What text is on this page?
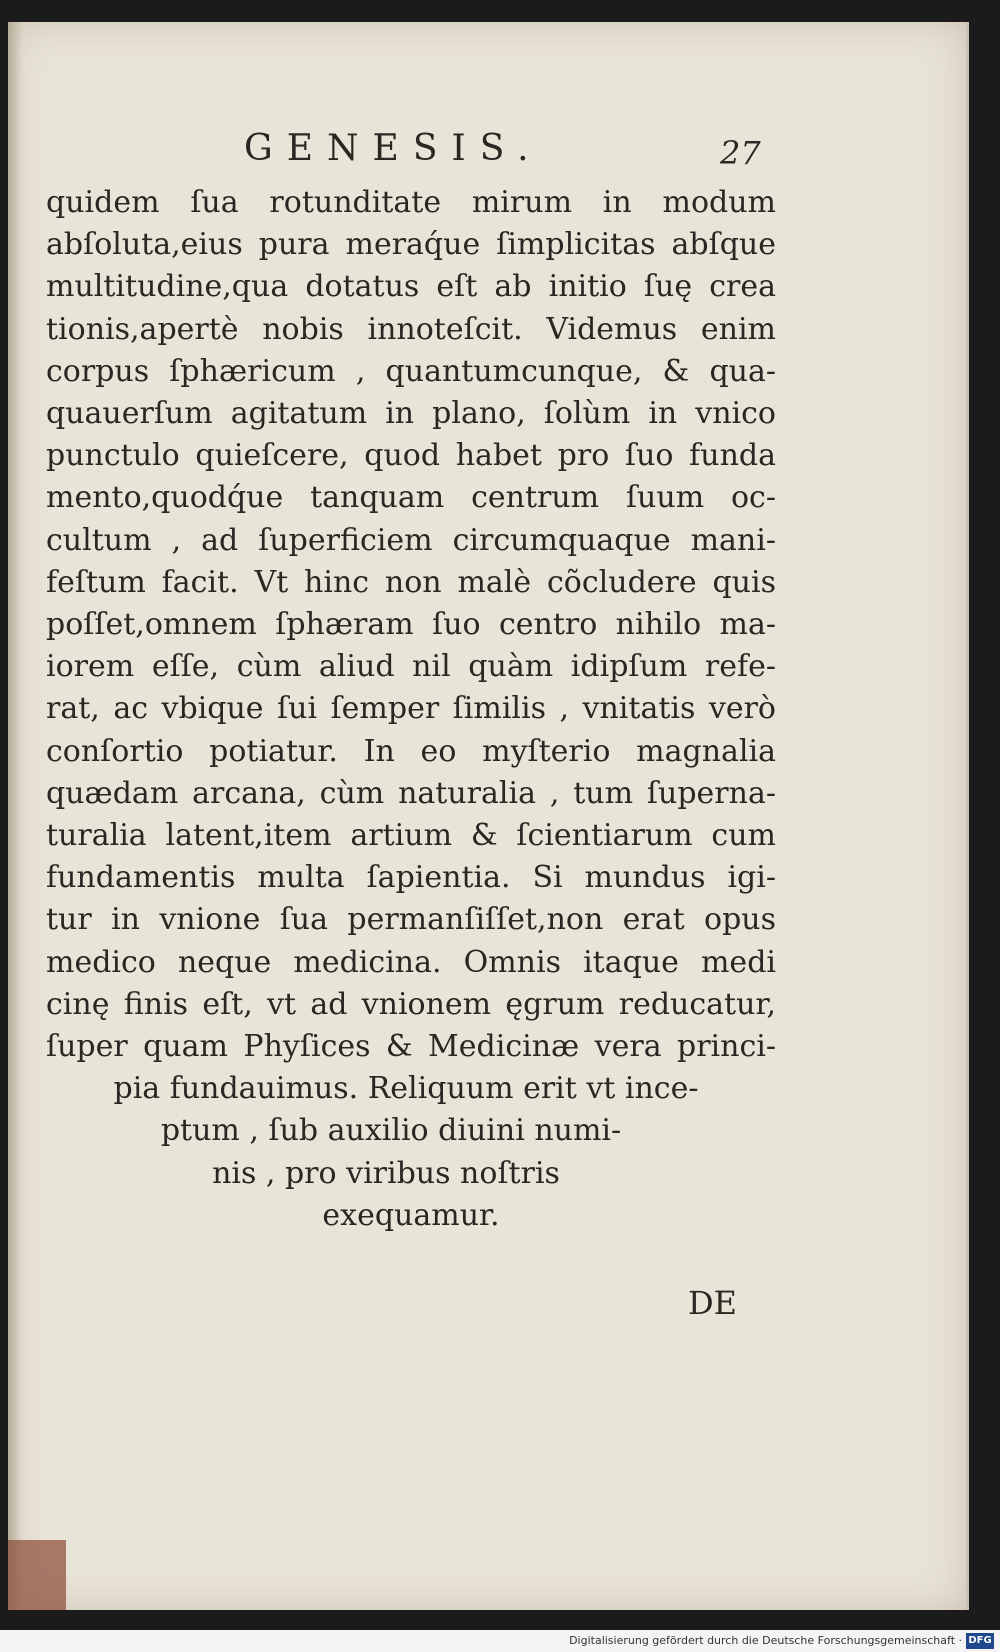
GENESIS.	27
quidem ſua rotunditate mirum in modum
abſoluta,eius pura meraq́ue ſimplicitas abſque
multitudine,qua dotatus eſt ab initio ſuę crea
tionis,apertè nobis innoteſcit. Videmus enim
corpus ſphæricum , quantumcunque, & qua-
quauerſum agitatum in plano, ſolùm in vnico
punctulo quieſcere, quod habet pro ſuo funda
mento,quodq́ue tanquam centrum ſuum oc-
cultum , ad ſuperficiem circumquaque mani-
feſtum facit. Vt hinc non malè cõcludere quis
poſſet,omnem ſphæram ſuo centro nihilo ma-
iorem eſſe, cùm aliud nil quàm idipſum refe-
rat, ac vbique ſui ſemper ſimilis , vnitatis verò
conſortio potiatur. In eo myſterio magnalia
quædam arcana, cùm naturalia , tum ſuperna-
turalia latent,item artium & ſcientiarum cum
fundamentis multa ſapientia. Si mundus igi-
tur in vnione ſua permanſiſſet,non erat opus
medico neque medicina. Omnis itaque medi
cinę finis eſt, vt ad vnionem ęgrum reducatur,
ſuper quam Phyſices & Medicinæ vera princi-
pia fundauimus. Reliquum erit vt ince-
ptum , ſub auxilio diuini numi-
nis , pro viribus noſtris
exequamur.
DE
Digitalisierung gefördert durch die Deutsche Forschungsgemeinschaft · DFG
